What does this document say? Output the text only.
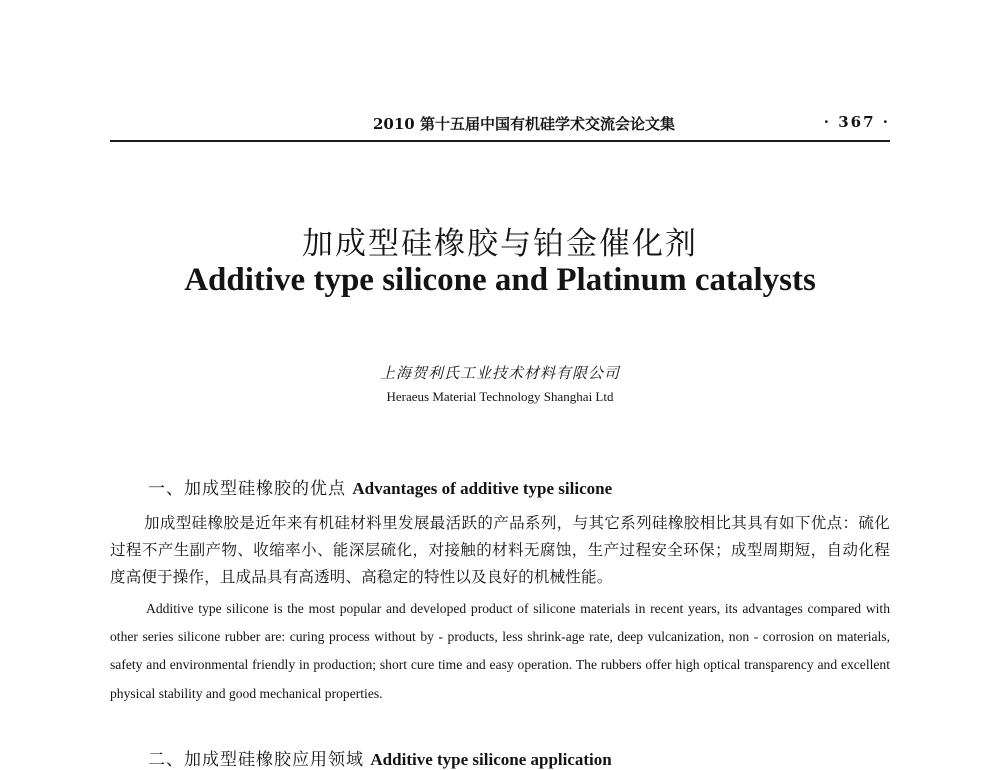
2010 第十五届中国有机硅学术交流会论文集	· 367 ·
加成型硅橡胶与铂金催化剂
Additive type silicone and Platinum catalysts
上海贺利氏工业技术材料有限公司
Heraeus Material Technology Shanghai Ltd
一、加成型硅橡胶的优点 Advantages of additive type silicone
加成型硅橡胶是近年来有机硅材料里发展最活跃的产品系列，与其它系列硅橡胶相比其具有如下优点：硫化过程不产生副产物、收缩率小、能深层硫化，对接触的材料无腐蚀，生产过程安全环保；成型周期短，自动化程度高便于操作，且成品具有高透明、高稳定的特性以及良好的机械性能。
Additive type silicone is the most popular and developed product of silicone materials in recent years, its advantages compared with other series silicone rubber are: curing process without by - products, less shrink-age rate, deep vulcanization, non - corrosion on materials, safety and environmental friendly in production; short cure time and easy operation. The rubbers offer high optical transparency and excellent physical stability and good mechanical properties.
二、加成型硅橡胶应用领域 Additive type silicone application
